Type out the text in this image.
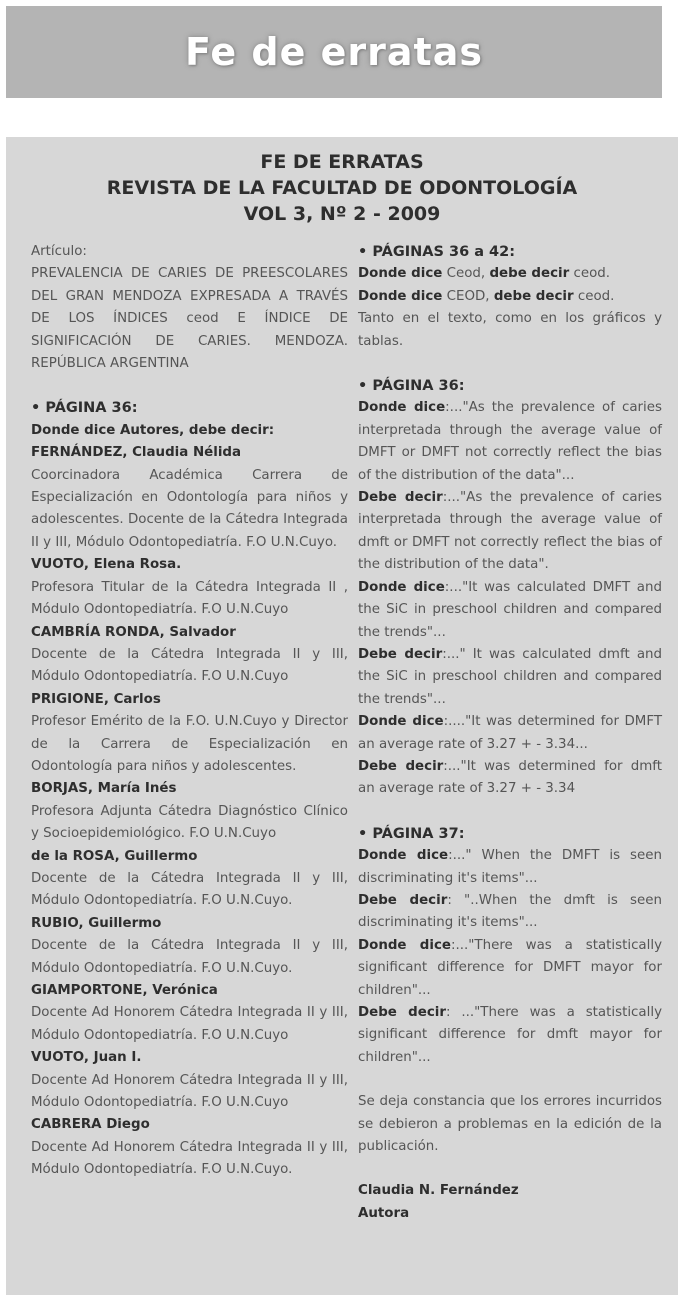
Fe de erratas
FE DE ERRATAS
REVISTA DE LA FACULTAD DE ODONTOLOGÍA
VOL 3, Nº 2 - 2009

Artículo:

PREVALENCIA DE CARIES DE PREESCOLARES DEL GRAN MENDOZA EXPRESADA A TRAVÉS DE LOS ÍNDICES ceod E ÍNDICE DE SIGNIFICACIÓN DE CARIES. MENDOZA. REPÚBLICA ARGENTINA

• PÁGINA 36:

Donde dice Autores, debe decir:

FERNÁNDEZ, Claudia Nélida

Coorcinadora Académica Carrera de Especialización en Odontología para niños y adolescentes. Docente de la Cátedra Integrada II y III, Módulo Odontopediatría. F.O U.N.Cuyo.

VUOTO, Elena Rosa.

Profesora Titular de la Cátedra Integrada II , Módulo Odontopediatría. F.O U.N.Cuyo

CAMBRÍA RONDA, Salvador

Docente de la Cátedra Integrada II y III, Módulo Odontopediatría. F.O U.N.Cuyo

PRIGIONE, Carlos

Profesor Emérito de la F.O. U.N.Cuyo y Director de la Carrera de Especialización en Odontología para niños y adolescentes.

BORJAS, María Inés

Profesora Adjunta Cátedra Diagnóstico Clínico y Socioepidemiológico. F.O U.N.Cuyo

de la ROSA, Guillermo

Docente de la Cátedra Integrada II y III, Módulo Odontopediatría. F.O U.N.Cuyo.

RUBIO, Guillermo

Docente de la Cátedra Integrada II y III, Módulo Odontopediatría. F.O U.N.Cuyo.

GIAMPORTONE, Verónica

Docente Ad Honorem Cátedra Integrada II y III, Módulo Odontopediatría. F.O U.N.Cuyo

VUOTO, Juan I.

Docente Ad Honorem Cátedra Integrada II y III, Módulo Odontopediatría. F.O U.N.Cuyo

CABRERA Diego

Docente Ad Honorem Cátedra Integrada II y III, Módulo Odontopediatría. F.O U.N.Cuyo.

• PÁGINAS 36 a 42:

Donde dice Ceod, debe decir ceod.

Donde dice CEOD, debe decir ceod.

Tanto en el texto, como en los gráficos y tablas.

• PÁGINA 36:

Donde dice:..."As the prevalence of caries interpretada through the average value of DMFT or DMFT not correctly reflect the bias of the distribution of the data"...

Debe decir:..."As the prevalence of caries interpretada through the average value of dmft or DMFT not correctly reflect the bias of the distribution of the data".

Donde dice:..."It was calculated DMFT and the SiC in preschool children and compared the trends"...

Debe decir:..." It was calculated dmft and the SiC in preschool children and compared the trends"...

Donde dice:...."It was determined for DMFT an average rate of 3.27 + - 3.34...

Debe decir:..."It was determined for dmft an average rate of 3.27 + - 3.34

• PÁGINA 37:

Donde dice:..." When the DMFT is seen discriminating it's items"...

Debe decir: "..When the dmft is seen discriminating it's items"...

Donde dice:..."There was a statistically significant difference for DMFT mayor for children"...

Debe decir: ..."There was a statistically significant difference for dmft mayor for children"...

Se deja constancia que los errores incurridos se debieron a problemas en la edición de la publicación.

Claudia N. Fernández

Autora
